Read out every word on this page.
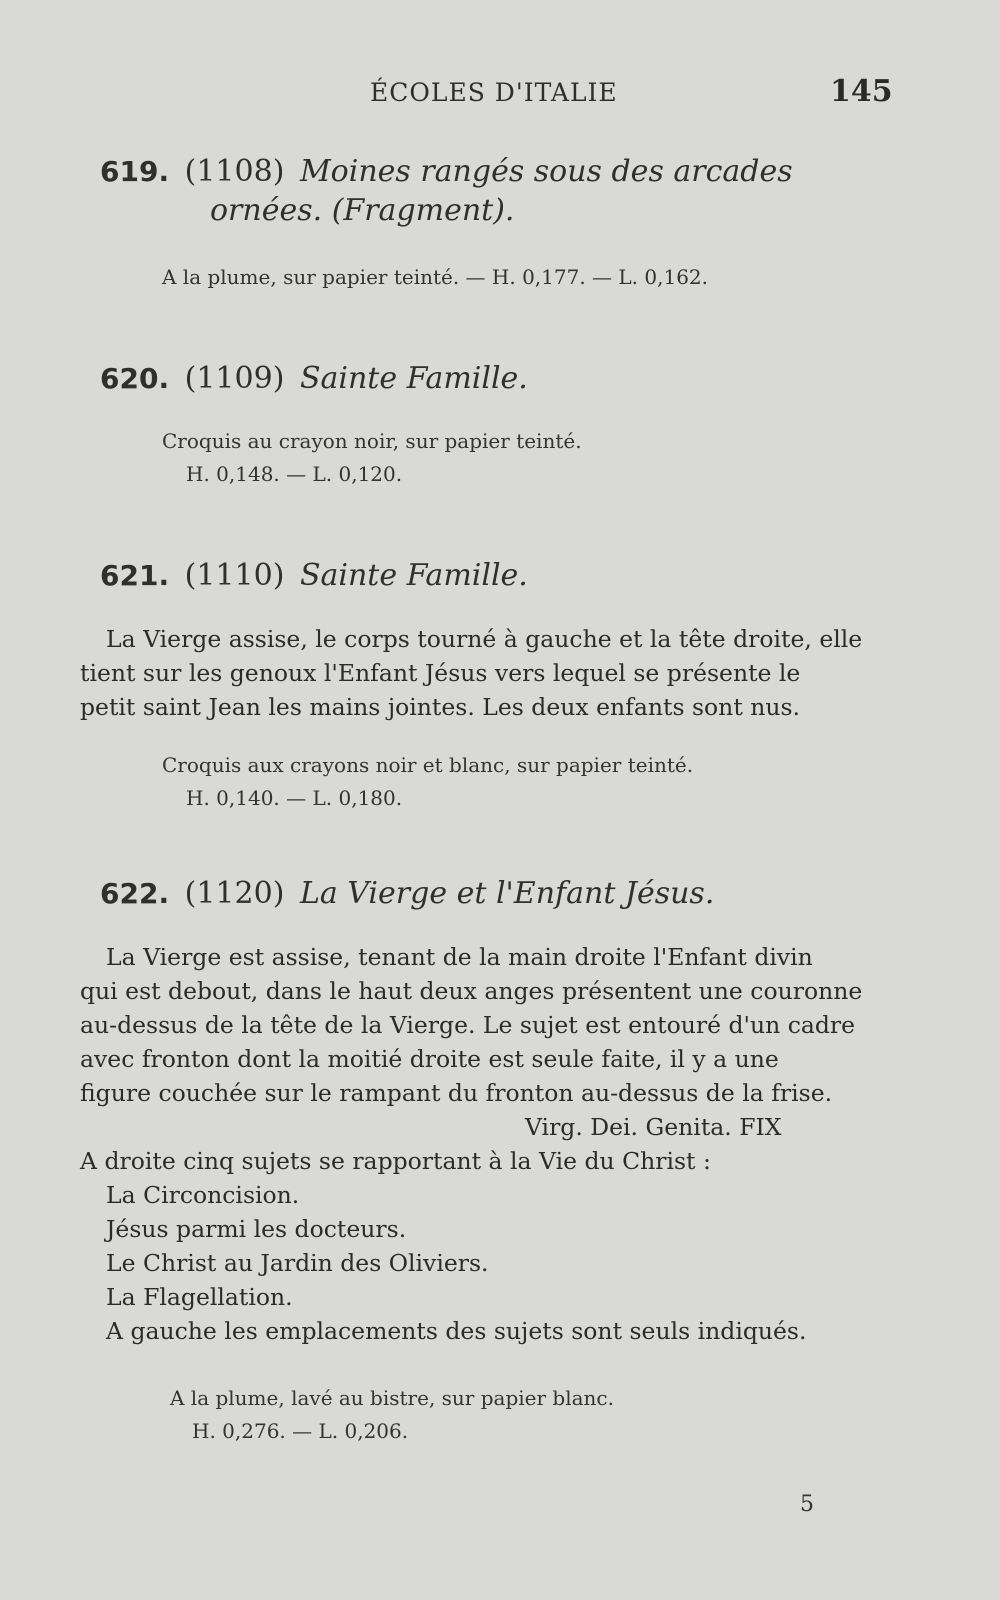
ÉCOLES D'ITALIE	145
619. (1108) Moines rangés sous des arcades
ornées. (Fragment).
A la plume, sur papier teinté. — H. 0,177. — L. 0,162.
620. (1109) Sainte Famille.
Croquis au crayon noir, sur papier teinté.
H. 0,148. — L. 0,120.
621. (1110) Sainte Famille.
La Vierge assise, le corps tourné à gauche et la tête droite, elle
tient sur les genoux l'Enfant Jésus vers lequel se présente le
petit saint Jean les mains jointes. Les deux enfants sont nus.
Croquis aux crayons noir et blanc, sur papier teinté.
H. 0,140. — L. 0,180.
622. (1120) La Vierge et l'Enfant Jésus.
La Vierge est assise, tenant de la main droite l'Enfant divin
qui est debout, dans le haut deux anges présentent une couronne
au-dessus de la tête de la Vierge. Le sujet est entouré d'un cadre
avec fronton dont la moitié droite est seule faite, il y a une
figure couchée sur le rampant du fronton au-dessus de la frise.
Virg. Dei. Genita. FIX
A droite cinq sujets se rapportant à la Vie du Christ :
La Circoncision.
Jésus parmi les docteurs.
Le Christ au Jardin des Oliviers.
La Flagellation.
A gauche les emplacements des sujets sont seuls indiqués.
A la plume, lavé au bistre, sur papier blanc.
H. 0,276. — L. 0,206.
5
